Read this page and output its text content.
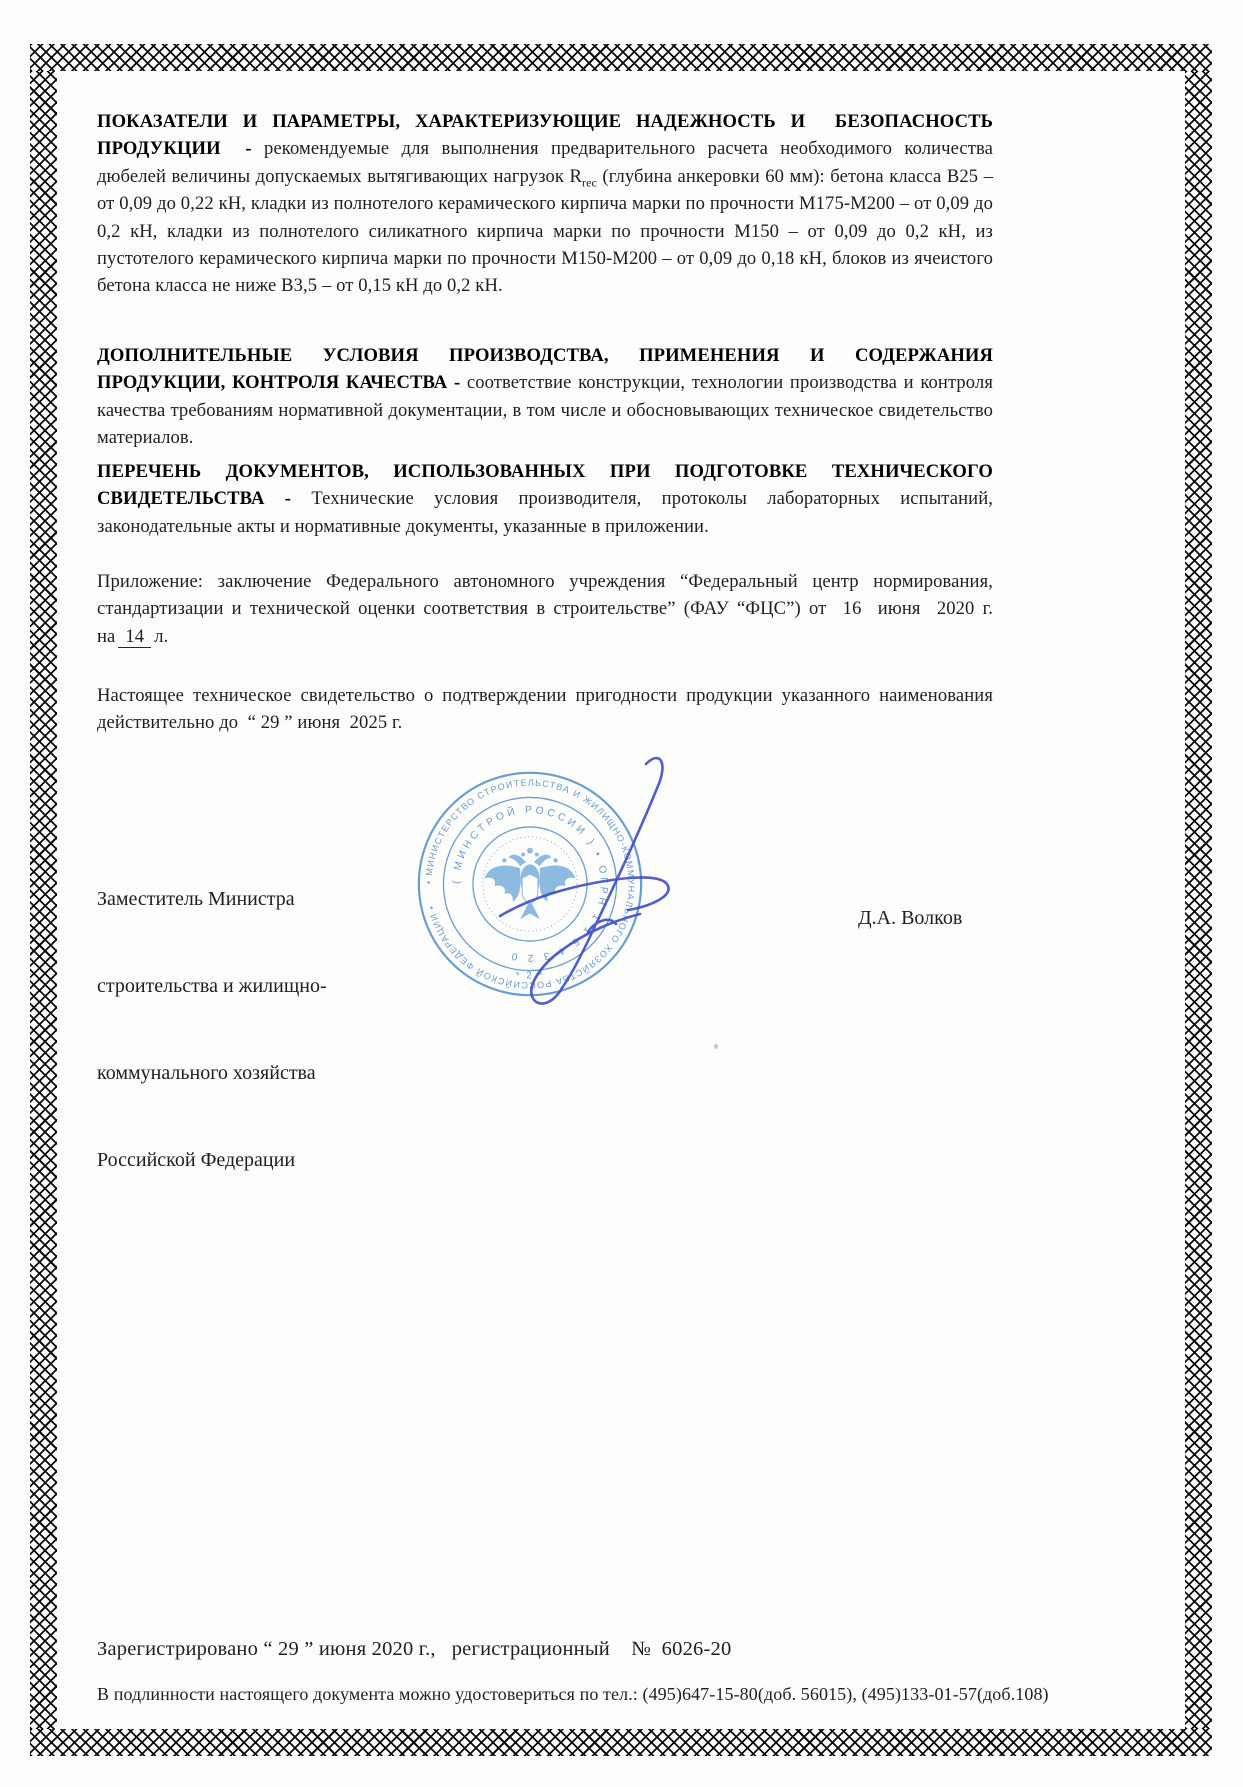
ПОКАЗАТЕЛИ И ПАРАМЕТРЫ, ХАРАКТЕРИЗУЮЩИЕ НАДЕЖНОСТЬ И  БЕЗОПАСНОСТЬ ПРОДУКЦИИ  - рекомендуемые для выполнения предварительного расчета необходимого количества дюбелей величины допускаемых вытягивающих нагрузок $R_{rec}$ (глубина анкеровки 60 мм): бетона класса В25 – от 0,09 до 0,22 кН, кладки из полнотелого керамического кирпича марки по прочности М175-М200 – от 0,09 до 0,2 кН, кладки из полнотелого силикатного кирпича марки по прочности М150 – от 0,09 до 0,2 кН, из пустотелого керамического кирпича марки по прочности М150-М200 – от 0,09 до 0,18 кН, блоков из ячеистого бетона класса не ниже В3,5 – от 0,15 кН до 0,2 кН.
ДОПОЛНИТЕЛЬНЫЕ УСЛОВИЯ ПРОИЗВОДСТВА, ПРИМЕНЕНИЯ И СОДЕРЖАНИЯ ПРОДУКЦИИ, КОНТРОЛЯ КАЧЕСТВА - соответствие конструкции, технологии производства и контроля качества требованиям нормативной документации, в том числе и обосновывающих техническое свидетельство материалов.
ПЕРЕЧЕНЬ ДОКУМЕНТОВ, ИСПОЛЬЗОВАННЫХ ПРИ ПОДГОТОВКЕ ТЕХНИЧЕСКОГО СВИДЕТЕЛЬСТВА - Технические условия производителя, протоколы лабораторных испытаний, законодательные акты и нормативные документы, указанные в приложении.
Приложение: заключение Федерального автономного учреждения “Федеральный центр нормирования, стандартизации и технической оценки соответствия в строительстве” (ФАУ “ФЦС”) от  16  июня  2020 г. на 14 л.
Настоящее техническое свидетельство о подтверждении пригодности продукции указанного наименования действительно до  “ 29 ” июня  2025 г.

Заместитель Министра

строительства и жилищно-

коммунального хозяйства

Российской Федерации

Д.А. Волков
• МИНИСТЕРСТВО СТРОИТЕЛЬСТВА И ЖИЛИЩНО-КОММУНАЛЬНОГО ХОЗЯЙСТВА РОССИЙСКОЙ ФЕДЕРАЦИИ •
( МИНСТРОЙ РОССИИ ) • ОГРН 1 1 5 4 3 2 0
* 2 *
Зарегистрировано “ 29 ” июня 2020 г.,   регистрационный    №  6026-20
В подлинности настоящего документа можно удостовериться по тел.: (495)647-15-80(доб. 56015), (495)133-01-57(доб.108)
